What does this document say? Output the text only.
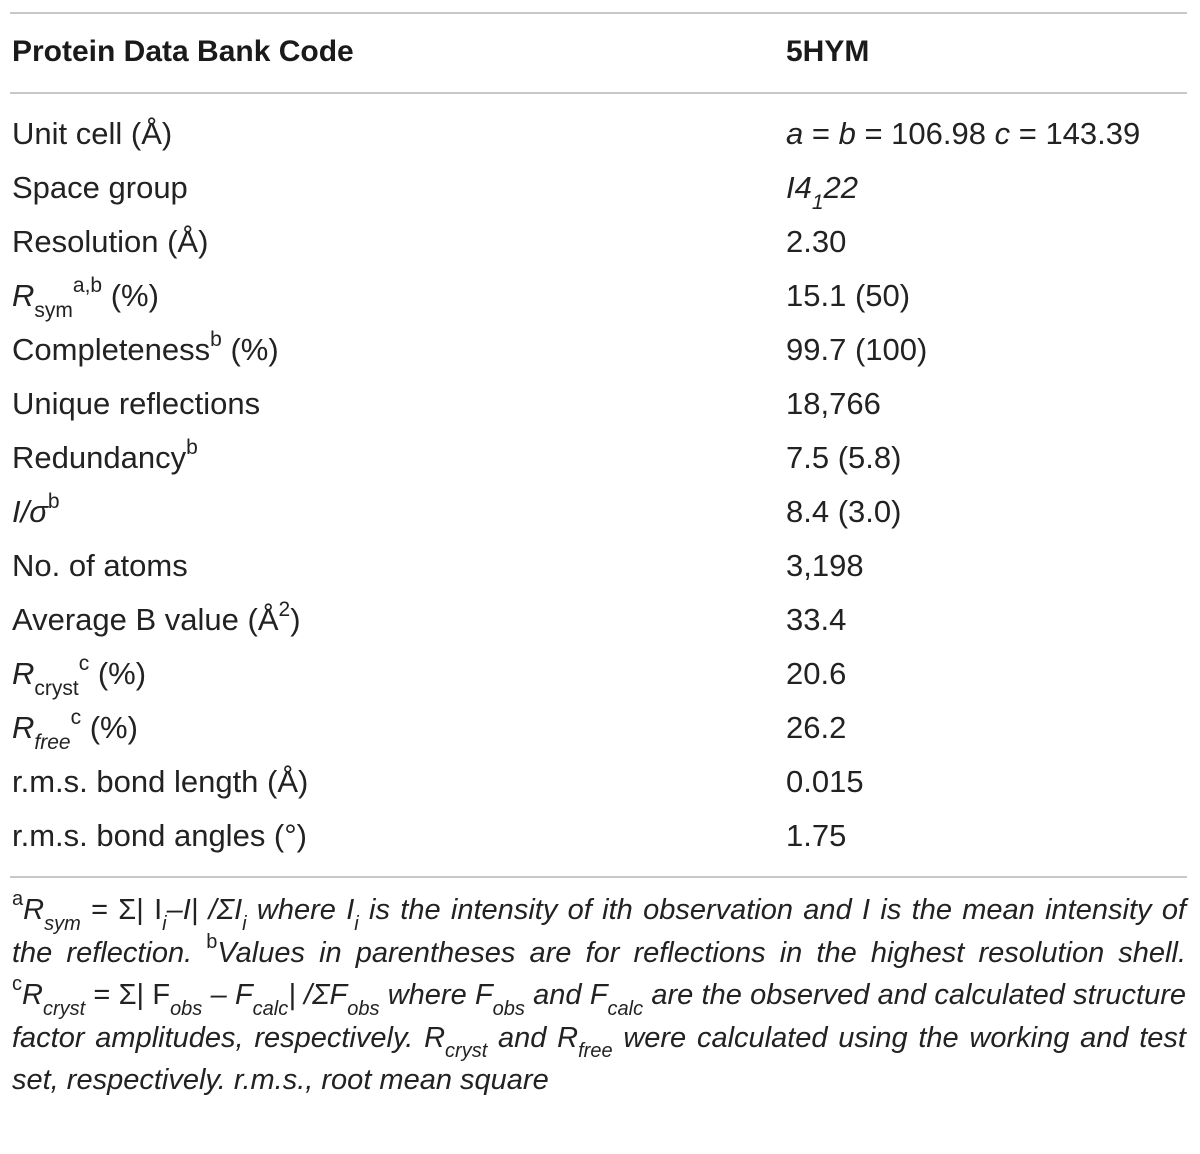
Protein Data Bank Code	5HYM
Unit cell (Å)	a = b = 106.98 c = 143.39
Space group	$I4_122$
Resolution (Å)	2.30
$R_{sym}^{a,b}$ (%)	15.1 (50)
Completeness$^b$ (%)	99.7 (100)
Unique reflections	18,766
Redundancy$^b$	7.5 (5.8)
$I/\sigma^b$	8.4 (3.0)
No. of atoms	3,198
Average B value $(Å^2)$	33.4
$R_{cryst}^c$ (%)	20.6
$R_{free}^c$ (%)	26.2
r.m.s. bond length (Å)	0.015
r.m.s. bond angles (°)	1.75
$^aR_{sym} = \Sigma|$ $I_i-I|$ $/\Sigma I_i$ where $I_i$ is the intensity of ith observation and I is the mean intensity of the reflection. $^b$Values in parentheses are for reflections in the highest resolution shell. $^cR_{cryst} = \Sigma|$ $F_{obs} - F_{calc}|$ $/\Sigma F_{obs}$ where $F_{obs}$ and $F_{calc}$ are the observed and calculated structure factor amplitudes, respectively. $R_{cryst}$ and $R_{free}$ were calculated using the working and test set, respectively. r.m.s., root mean square
